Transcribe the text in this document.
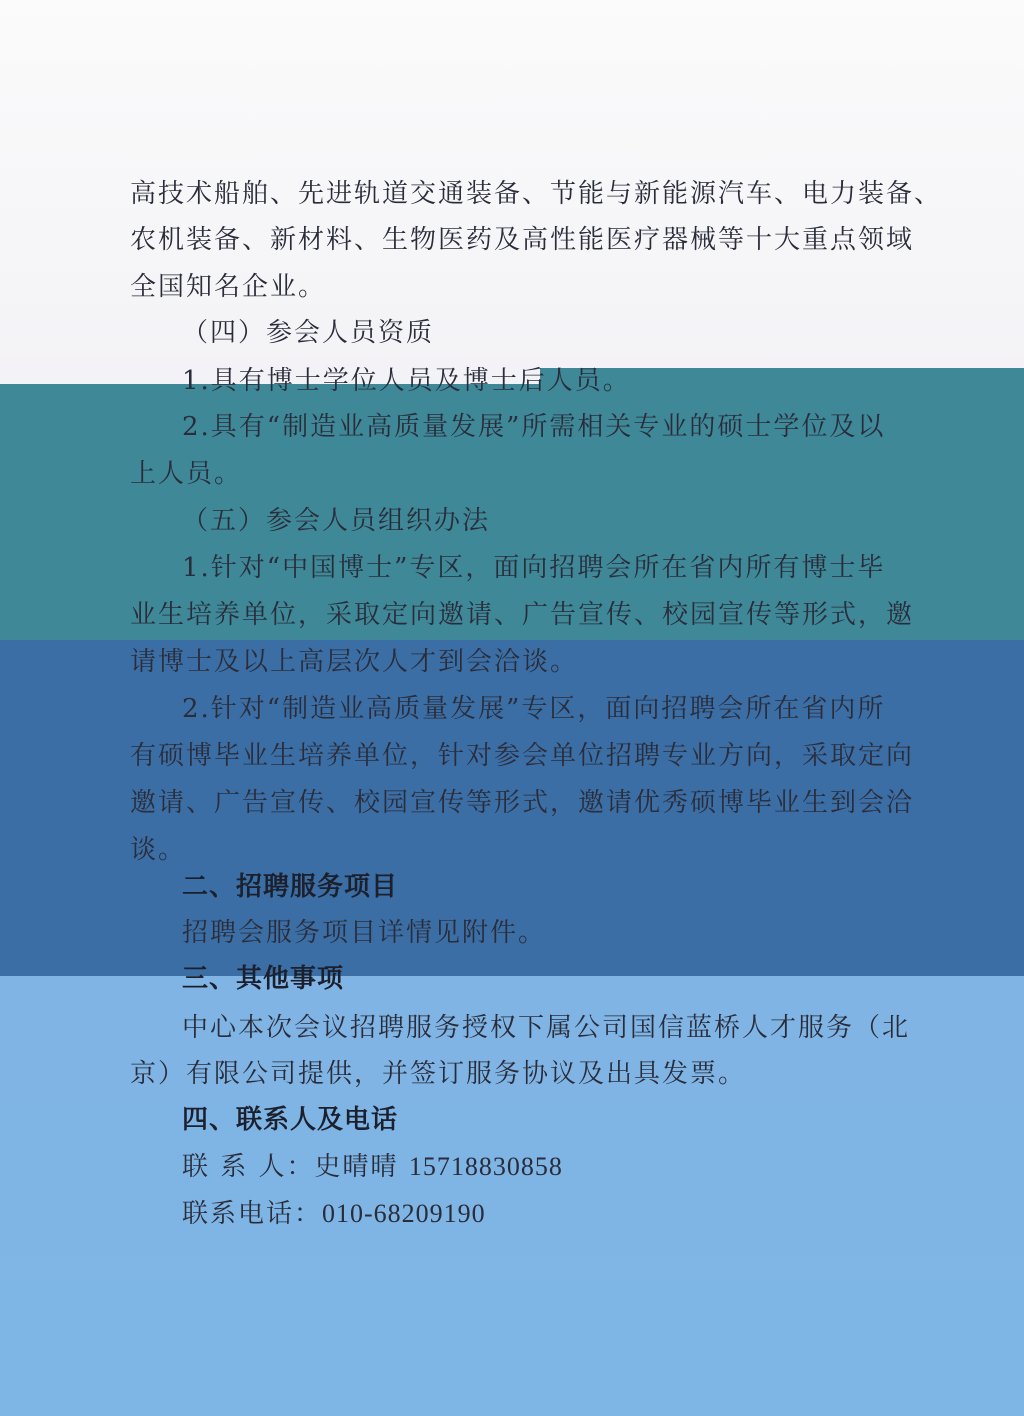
高技术船舶、先进轨道交通装备、节能与新能源汽车、电力装备、
农机装备、新材料、生物医药及高性能医疗器械等十大重点领域
全国知名企业。
（四）参会人员资质
1.具有博士学位人员及博士后人员。
2.具有“制造业高质量发展”所需相关专业的硕士学位及以
上人员。
（五）参会人员组织办法
1.针对“中国博士”专区，面向招聘会所在省内所有博士毕
业生培养单位，采取定向邀请、广告宣传、校园宣传等形式，邀
请博士及以上高层次人才到会洽谈。
2.针对“制造业高质量发展”专区，面向招聘会所在省内所
有硕博毕业生培养单位，针对参会单位招聘专业方向，采取定向
邀请、广告宣传、校园宣传等形式，邀请优秀硕博毕业生到会洽
谈。
二、招聘服务项目
招聘会服务项目详情见附件。
三、其他事项
中心本次会议招聘服务授权下属公司国信蓝桥人才服务（北
京）有限公司提供，并签订服务协议及出具发票。
四、联系人及电话
联 系 人：史晴晴 15718830858
联系电话：010-68209190
